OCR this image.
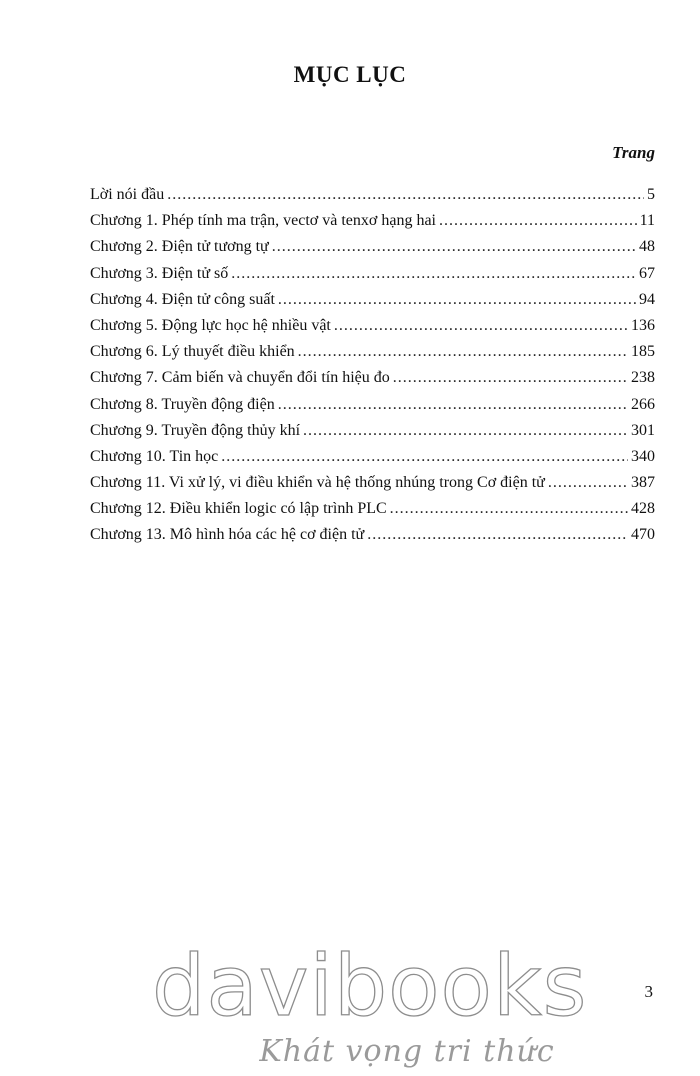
MỤC LỤC
Trang
Lời nói đầu .....	5
Chương 1. Phép tính ma trận, vectơ và tenxơ hạng hai .....	11
Chương 2. Điện tử tương tự .....	48
Chương 3. Điện tử số .....	67
Chương 4. Điện tử công suất .....	94
Chương 5. Động lực học hệ nhiều vật .....	136
Chương 6. Lý thuyết điều khiển .....	185
Chương 7. Cảm biến và chuyển đổi tín hiệu đo .....	238
Chương 8. Truyền động điện .....	266
Chương 9. Truyền động thủy khí .....	301
Chương 10. Tin học .....	340
Chương 11. Vi xử lý, vi điều khiển và hệ thống nhúng trong Cơ điện tử .....	387
Chương 12. Điều khiển logic có lập trình PLC .....	428
Chương 13. Mô hình hóa các hệ cơ điện tử .....	470
davibooks
Khát vọng tri thức
3
